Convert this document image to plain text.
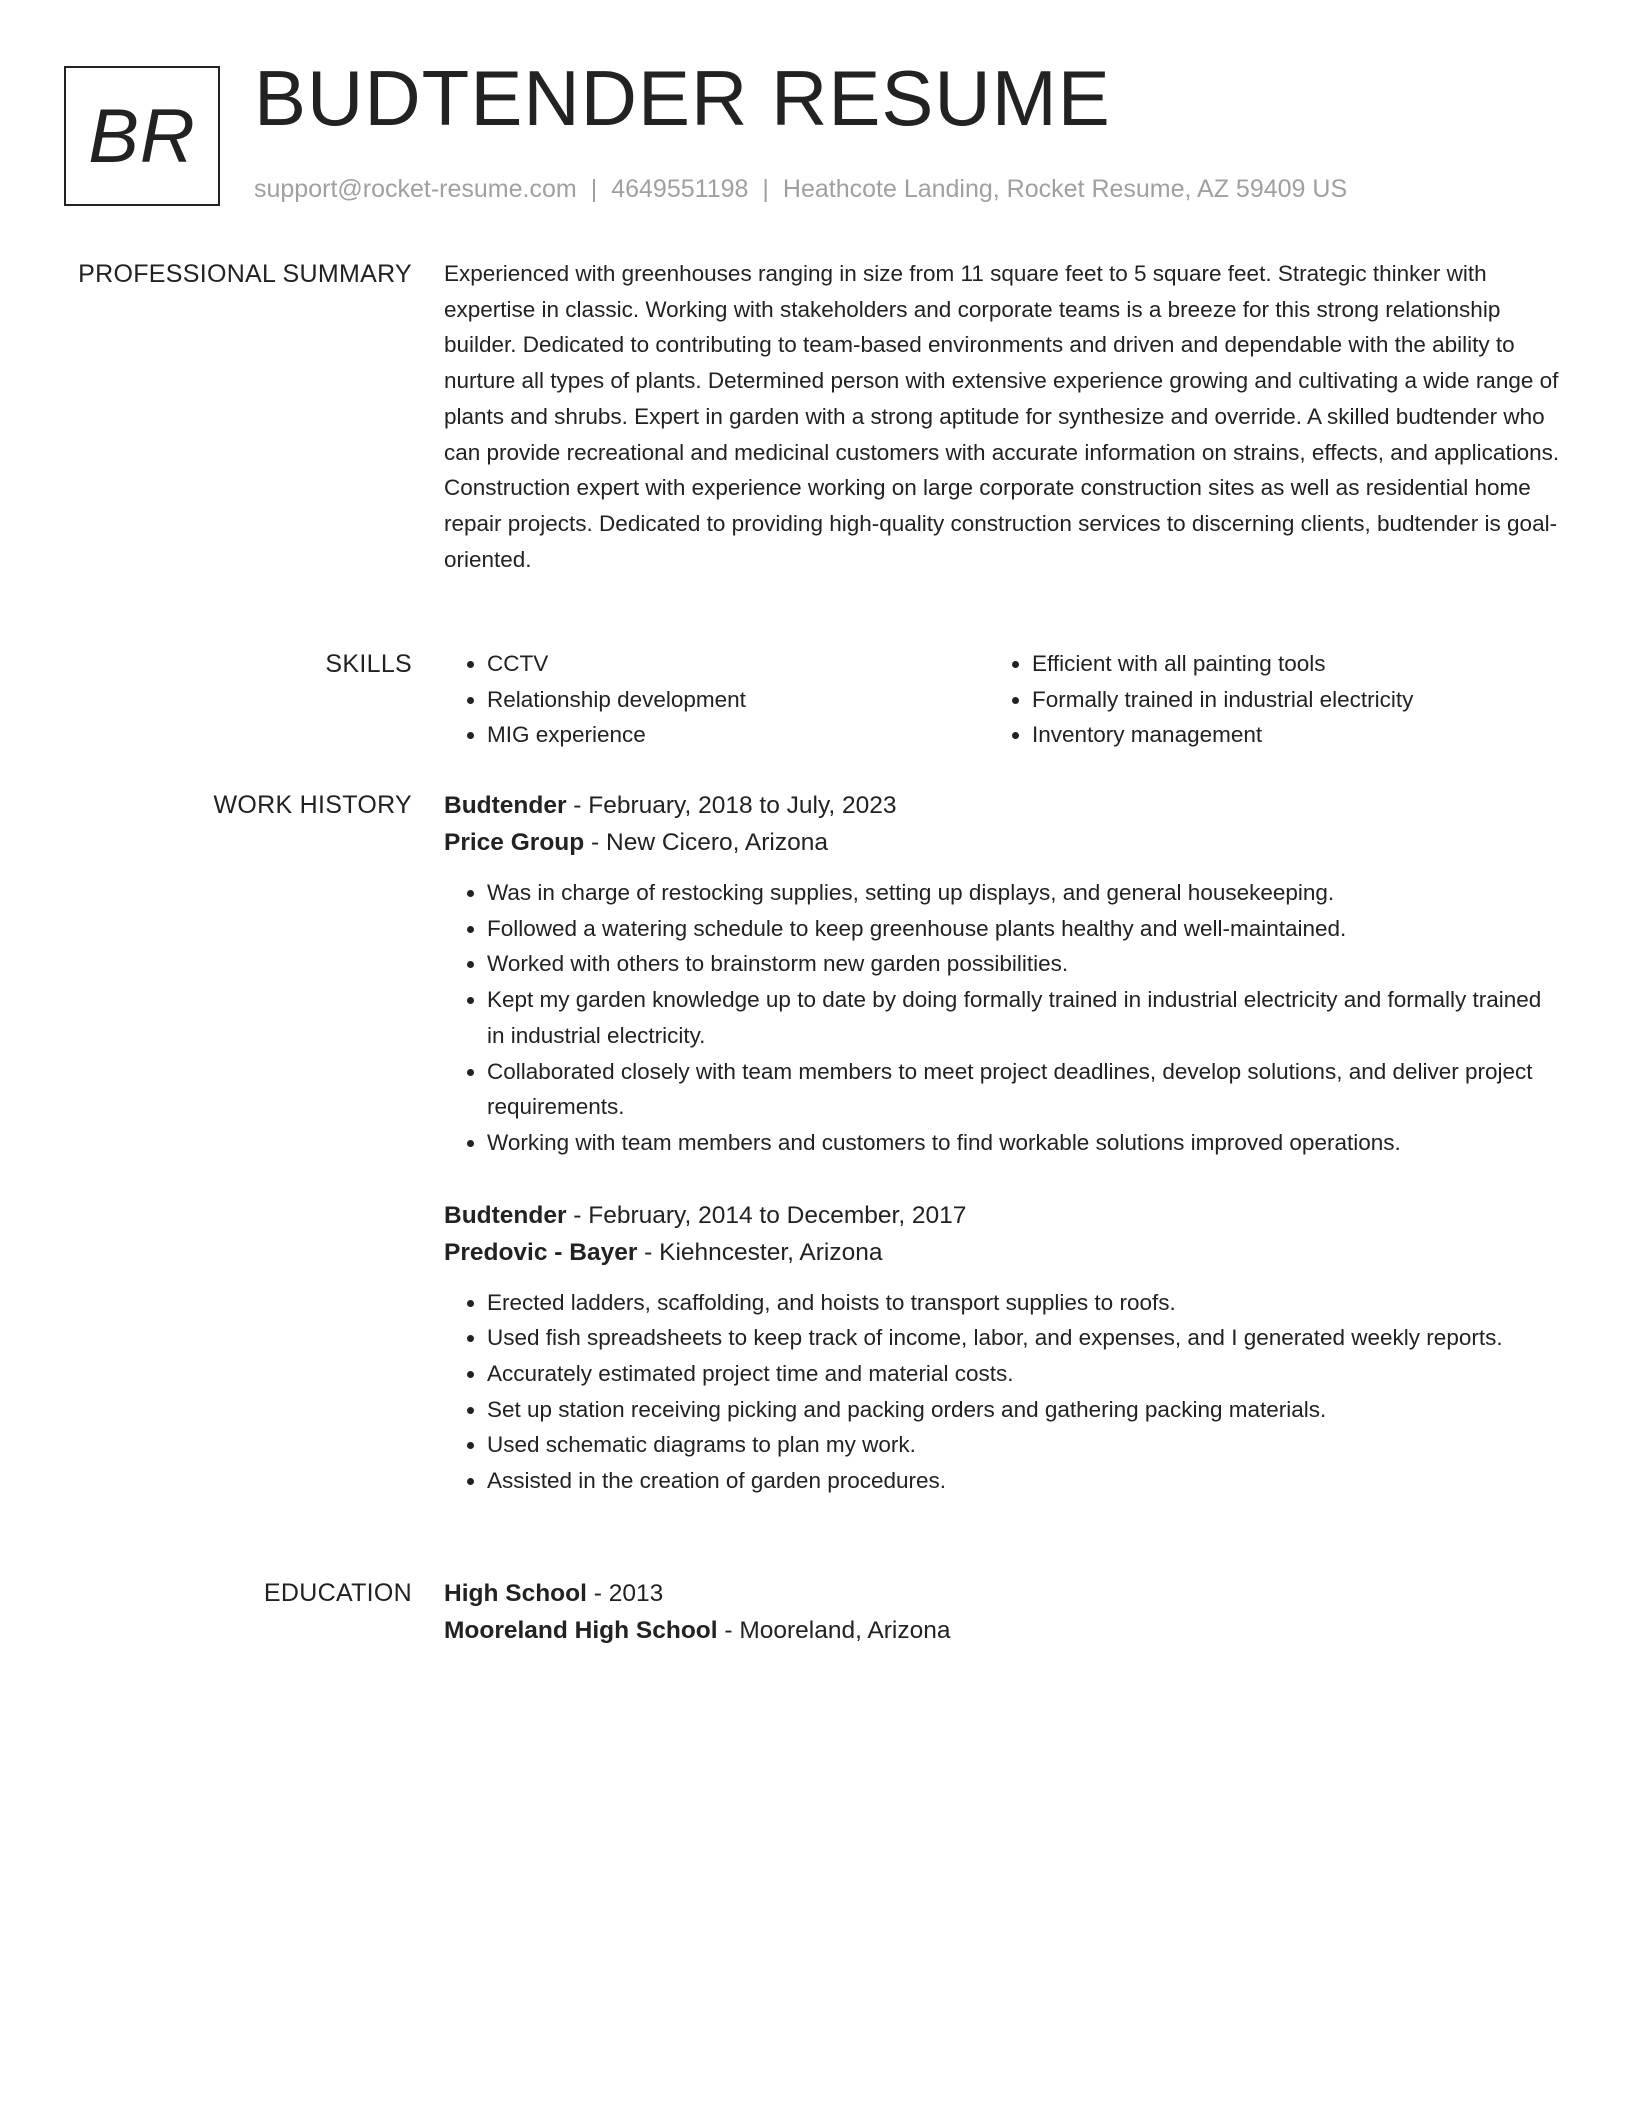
BR BUDTENDER RESUME
support@rocket-resume.com | 4649551198 | Heathcote Landing, Rocket Resume, AZ 59409 US
PROFESSIONAL SUMMARY Experienced with greenhouses ranging in size from 11 square feet to 5 square feet. Strategic thinker with expertise in classic. Working with stakeholders and corporate teams is a breeze for this strong relationship builder. Dedicated to contributing to team-based environments and driven and dependable with the ability to nurture all types of plants. Determined person with extensive experience growing and cultivating a wide range of plants and shrubs. Expert in garden with a strong aptitude for synthesize and override. A skilled budtender who can provide recreational and medicinal customers with accurate information on strains, effects, and applications. Construction expert with experience working on large corporate construction sites as well as residential home repair projects. Dedicated to providing high-quality construction services to discerning clients, budtender is goal-oriented.

SKILLS
•	CCTV
• Relationship development
• MIG experience
• Efficient with all painting tools
• Formally trained in industrial electricity
• Inventory management
WORK HISTORY Budtender - February, 2018 to July, 2023
Price Group - New Cicero, Arizona
• Was in charge of restocking supplies, setting up displays, and general housekeeping.
• Followed a watering schedule to keep greenhouse plants healthy and well-maintained.
• Worked with others to brainstorm new garden possibilities.
• Kept my garden knowledge up to date by doing formally trained in industrial electricity and formally trained in industrial electricity.
• Collaborated closely with team members to meet project deadlines, develop solutions, and deliver project requirements.
• Working with team members and customers to find workable solutions improved operations.
Budtender - February, 2014 to December, 2017
Predovic - Bayer - Kiehncester, Arizona
• Erected ladders, scaffolding, and hoists to transport supplies to roofs.
• Used fish spreadsheets to keep track of income, labor, and expenses, and I generated weekly reports.
• Accurately estimated project time and material costs.
• Set up station receiving picking and packing orders and gathering packing materials.
• Used schematic diagrams to plan my work.
• Assisted in the creation of garden procedures.
EDUCATION High School - 2013
Mooreland High School - Mooreland, Arizona
